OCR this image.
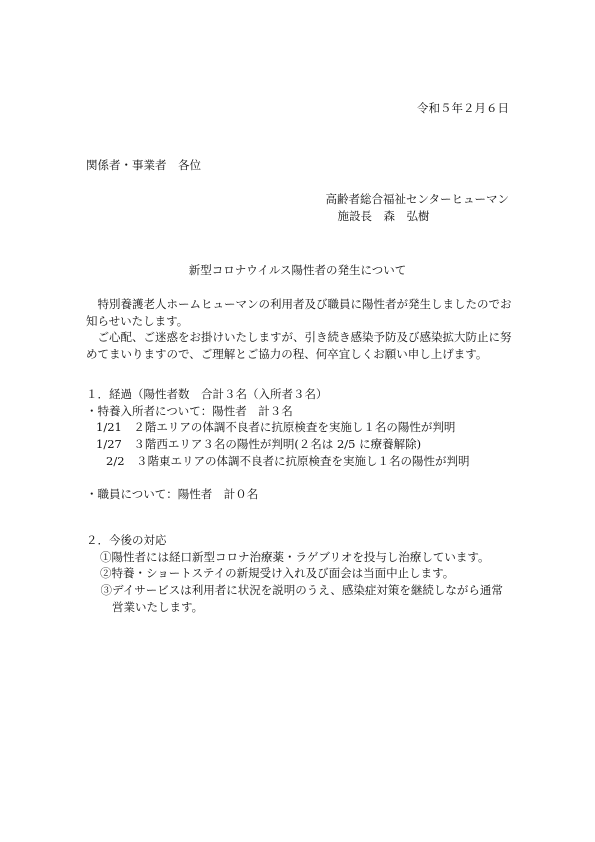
令和５年２月６日
関係者・事業者　各位
高齢者総合福祉センターヒューマン
施設長　森　弘樹
新型コロナウイルス陽性者の発生について

特別養護老人ホームヒューマンの利用者及び職員に陽性者が発生しましたのでお知らせいたします。

ご心配、ご迷惑をお掛けいたしますが、引き続き感染予防及び感染拡大防止に努めてまいりますので、ご理解とご協力の程、何卒宜しくお願い申し上げます。

１．経過（陽性者数　合計３名（入所者３名）
・特養入所者について：陽性者　計３名
1/21　２階エリアの体調不良者に抗原検査を実施し１名の陽性が判明
1/27　３階西エリア３名の陽性が判明(２名は 2/5 に療養解除)
2/2　３階東エリアの体調不良者に抗原検査を実施し１名の陽性が判明
・職員について：陽性者　計０名
２．今後の対応
①陽性者には経口新型コロナ治療薬・ラゲブリオを投与し治療しています。
②特養・ショートステイの新規受け入れ及び面会は当面中止します。
③デイサービスは利用者に状況を説明のうえ、感染症対策を継続しながら通常営業いたします。
